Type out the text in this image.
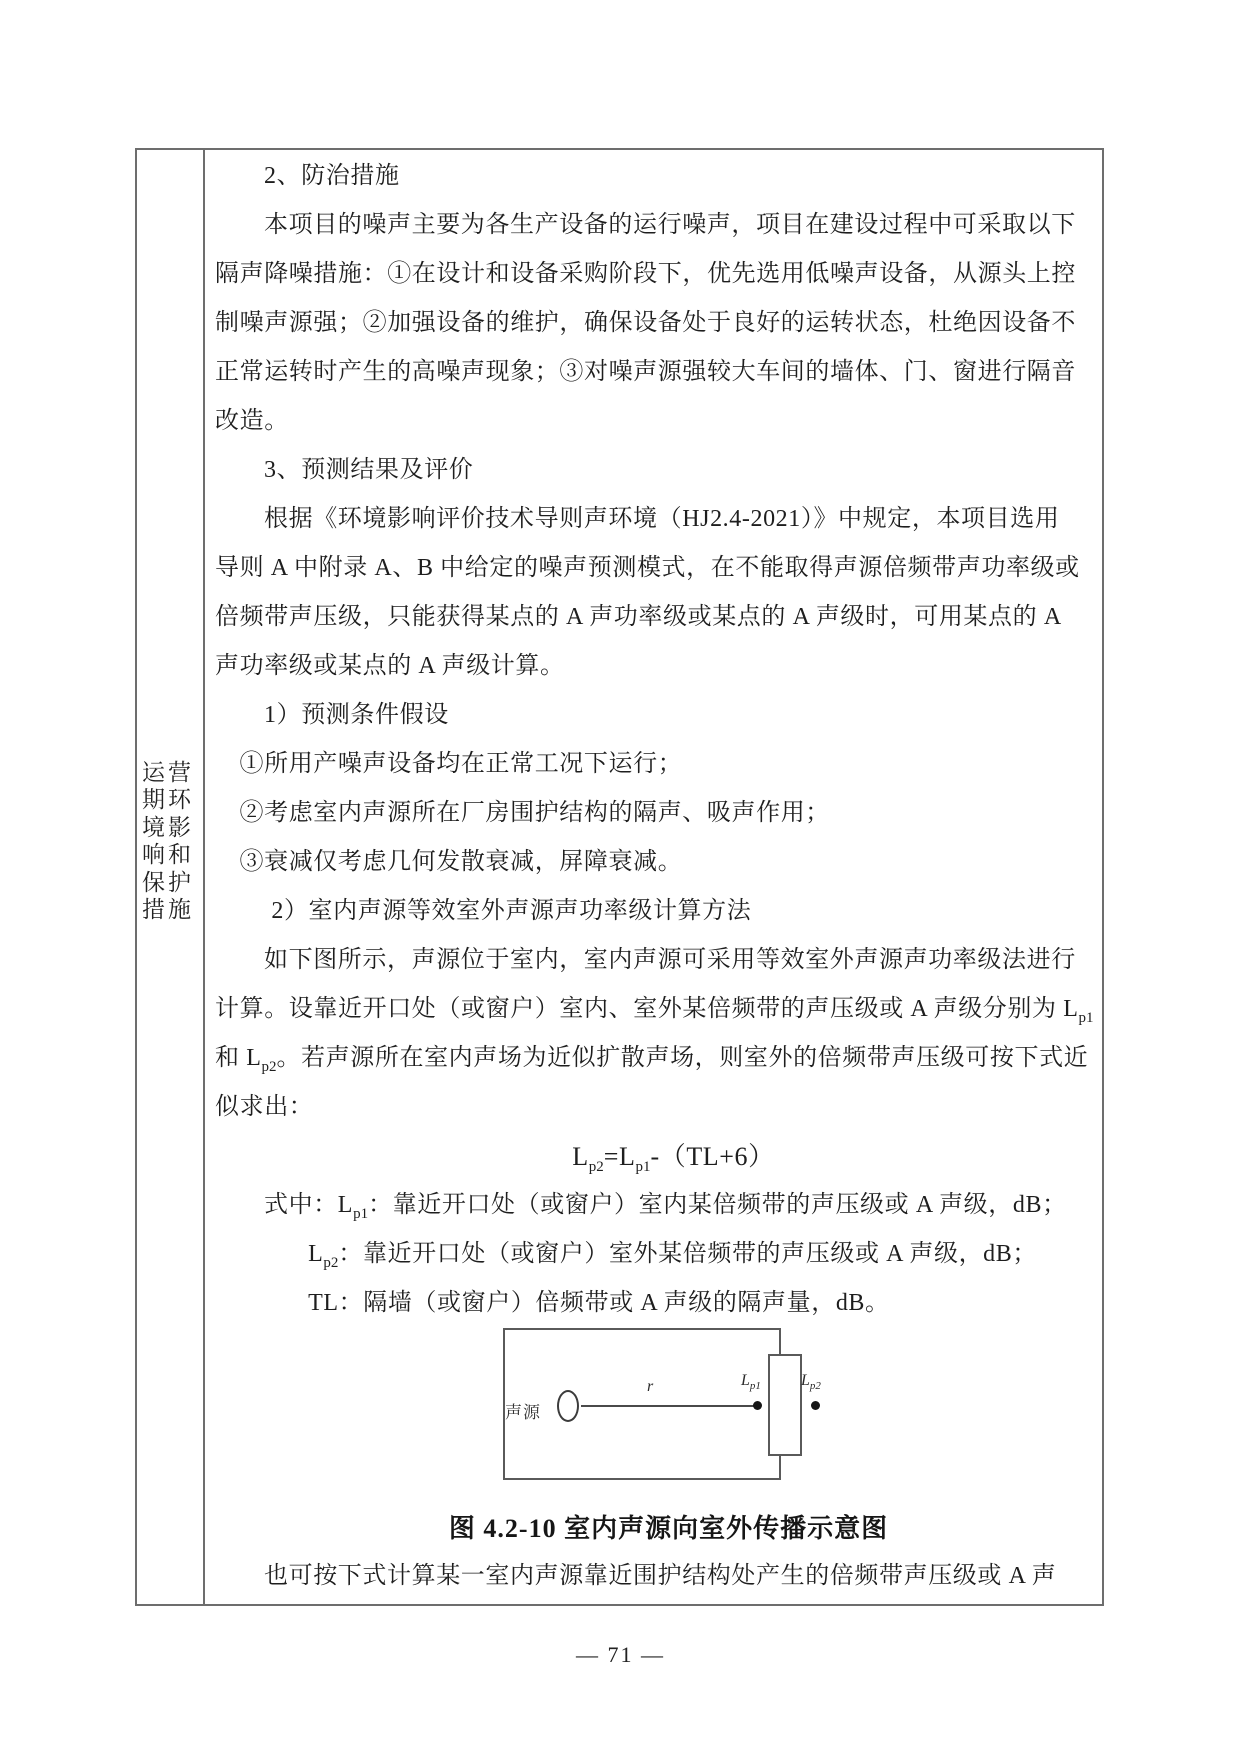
运营期环境影响和保护措施
2、防治措施
本项目的噪声主要为各生产设备的运行噪声，项目在建设过程中可采取以下
隔声降噪措施：①在设计和设备采购阶段下，优先选用低噪声设备，从源头上控
制噪声源强；②加强设备的维护，确保设备处于良好的运转状态，杜绝因设备不
正常运转时产生的高噪声现象；③对噪声源强较大车间的墙体、门、窗进行隔音
改造。
3、预测结果及评价
根据《环境影响评价技术导则声环境（HJ2.4-2021）》中规定，本项目选用
导则 A 中附录 A、B 中给定的噪声预测模式，在不能取得声源倍频带声功率级或
倍频带声压级，只能获得某点的 A 声功率级或某点的 A 声级时，可用某点的 A
声功率级或某点的 A 声级计算。
1）预测条件假设
①所用产噪声设备均在正常工况下运行；
②考虑室内声源所在厂房围护结构的隔声、吸声作用；
③衰减仅考虑几何发散衰减，屏障衰减。
2）室内声源等效室外声源声功率级计算方法
如下图所示，声源位于室内，室内声源可采用等效室外声源声功率级法进行
计算。设靠近开口处（或窗户）室内、室外某倍频带的声压级或 A 声级分别为 $L_{p1}$
和 $L_{p2}$。若声源所在室内声场为近似扩散声场，则室外的倍频带声压级可按下式近
似求出：
$L_{p2}=L_{p1}-(TL+6)$
式中：$L_{p1}$：靠近开口处（或窗户）室内某倍频带的声压级或 A 声级，dB；
$L_{p2}$：靠近开口处（或窗户）室外某倍频带的声压级或 A 声级，dB；
TL：隔墙（或窗户）倍频带或 A 声级的隔声量，dB。
声源
r	$L_{p1}$	$L_{p2}$
图 4.2-10 室内声源向室外传播示意图
也可按下式计算某一室内声源靠近围护结构处产生的倍频带声压级或 A 声
— 71 —
